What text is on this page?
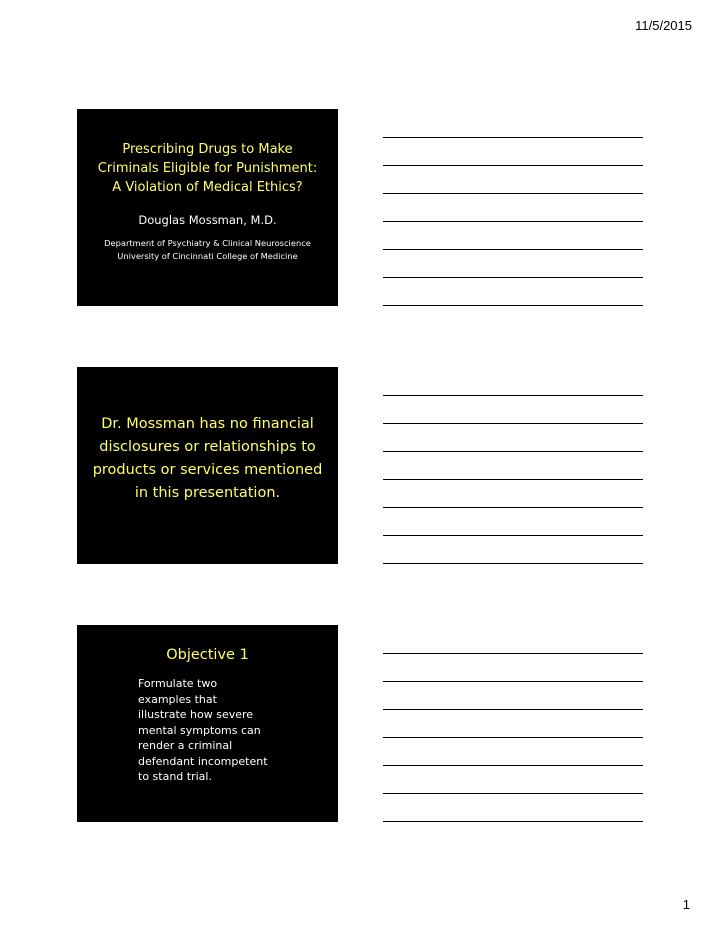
11/5/2015
Prescribing Drugs to Make
Criminals Eligible for Punishment:
A Violation of Medical Ethics?
Douglas Mossman, M.D.
Department of Psychiatry & Clinical Neuroscience
University of Cincinnati College of Medicine
Dr. Mossman has no financial
disclosures or relationships to
products or services mentioned
in this presentation.
Objective 1
Formulate two
examples that
illustrate how severe
mental symptoms can
render a criminal
defendant incompetent
to stand trial.
1
